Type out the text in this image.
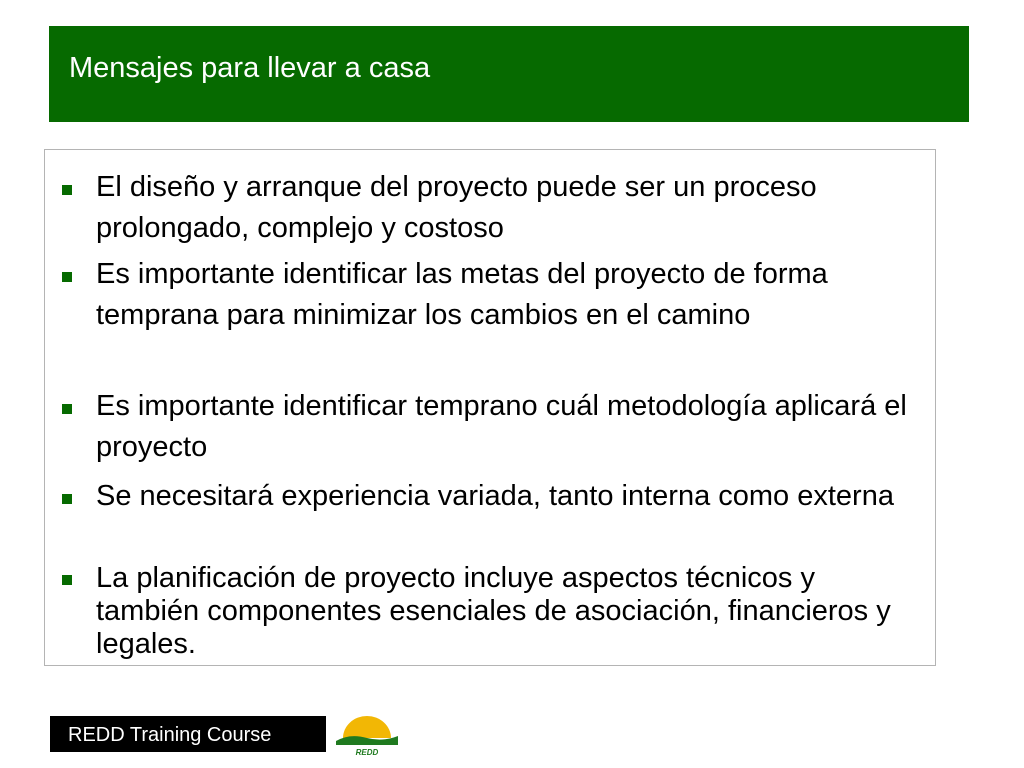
Mensajes para llevar a casa
El diseño y arranque del proyecto puede ser un proceso prolongado, complejo y costoso
Es importante identificar las metas del proyecto de forma temprana para minimizar los cambios en el camino
Es importante identificar temprano cuál metodología aplicará el proyecto
Se necesitará experiencia variada, tanto interna como externa
La planificación de proyecto incluye aspectos técnicos y también componentes esenciales de asociación, financieros y legales.
REDD Training Course
REDD
